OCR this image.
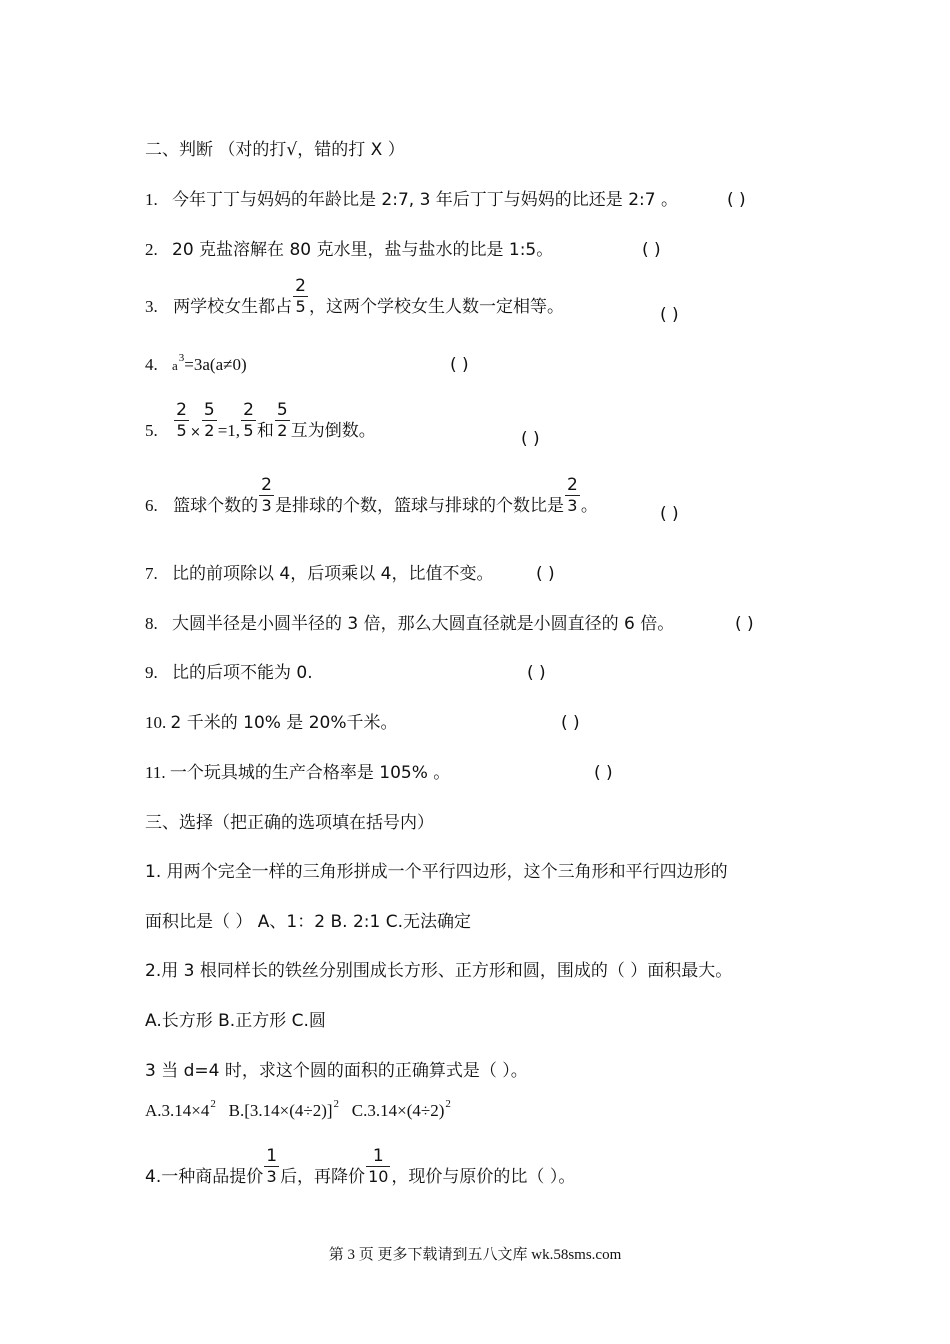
二、判断 （对的打√，错的打 X ）
1. 今年丁丁与妈妈的年龄比是 2:7, 3 年后丁丁与妈妈的比还是 2:7 。	( )
2. 20 克盐溶解在 80 克水里，盐与盐水的比是 1:5。	( )
3. 两学校女生都占 $\frac{2}{5}$ ，这两个学校女生人数一定相等。	( )
4. $a^3=3a(a\ne 0)$	( )
5. $\frac{2}{5} \times \frac{5}{2} =1$, $\frac{2}{5}$ 和 $\frac{5}{2}$ 互为倒数。	( )
6. 篮球个数的 $\frac{2}{3}$ 是排球的个数，篮球与排球的个数比是 $\frac{2}{3}$ 。	( )
7. 比的前项除以 4，后项乘以 4，比值不变。	( )
8. 大圆半径是小圆半径的 3 倍，那么大圆直径就是小圆直径的 6 倍。	( )
9. 比的后项不能为 0.	( )
10. 2 千米的 10% 是 20%千米。	( )
11. 一个玩具城的生产合格率是 105% 。	( )
三、选择（把正确的选项填在括号内）
1. 用两个完全一样的三角形拼成一个平行四边形，这个三角形和平行四边形的
面积比是（ ） A、1：2 B. 2:1 C.无法确定
2.用 3 根同样长的铁丝分别围成长方形、正方形和圆，围成的（ ）面积最大。
A.长方形 B.正方形 C.圆
3 当 d=4 时，求这个圆的面积的正确算式是（ ）。
$A.3.14\times 4^2$   $B.[3.14\times(4\div 2)]^2$   $C.3.14\times(4\div 2)^2$
4.一种商品提价 $\frac{1}{3}$ 后，再降价 $\frac{1}{10}$ ，现价与原价的比（ ）。
第 3 页 更多下载请到五八文库 wk.58sms.com
